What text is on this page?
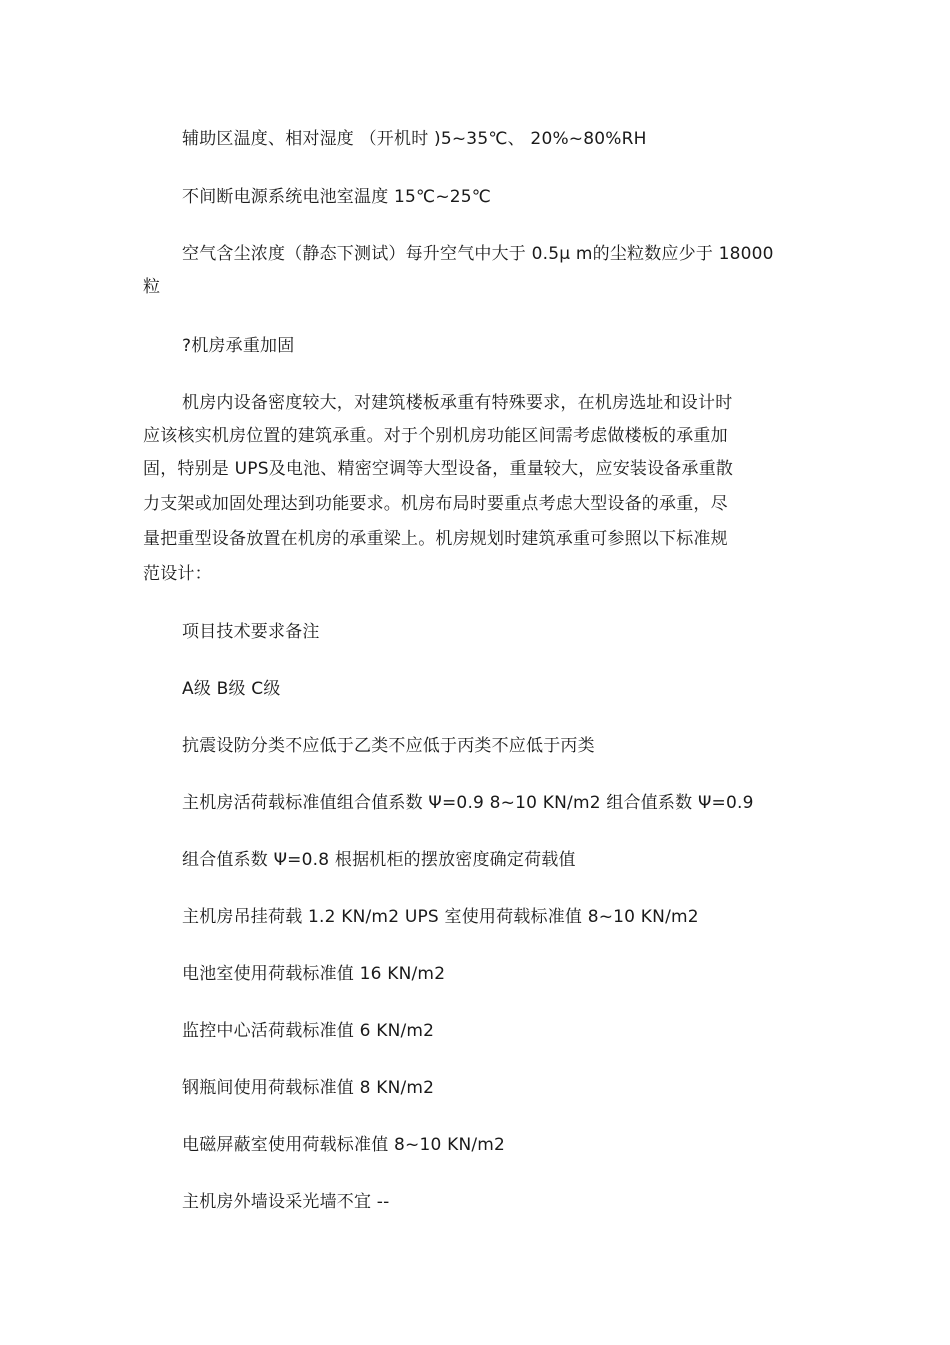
辅助区温度、相对湿度 （开机时 )5~35℃、 20%~80%RH
不间断电源系统电池室温度 15℃~25℃
空气含尘浓度（静态下测试）每升空气中大于 0.5μ m的尘粒数应少于 18000
粒
?机房承重加固
机房内设备密度较大，对建筑楼板承重有特殊要求，在机房选址和设计时
应该核实机房位置的建筑承重。对于个别机房功能区间需考虑做楼板的承重加
固，特别是 UPS及电池、精密空调等大型设备，重量较大，应安装设备承重散
力支架或加固处理达到功能要求。机房布局时要重点考虑大型设备的承重，尽
量把重型设备放置在机房的承重梁上。机房规划时建筑承重可参照以下标准规
范设计：
项目技术要求备注
A级 B级 C级
抗震设防分类不应低于乙类不应低于丙类不应低于丙类
主机房活荷载标准值组合值系数 Ψ=0.9 8~10 KN/m2 组合值系数 Ψ=0.9
组合值系数 Ψ=0.8 根据机柜的摆放密度确定荷载值
主机房吊挂荷载 1.2 KN/m2 UPS 室使用荷载标准值 8~10 KN/m2
电池室使用荷载标准值 16 KN/m2
监控中心活荷载标准值 6 KN/m2
钢瓶间使用荷载标准值 8 KN/m2
电磁屏蔽室使用荷载标准值 8~10 KN/m2
主机房外墙设采光墙不宜 --
